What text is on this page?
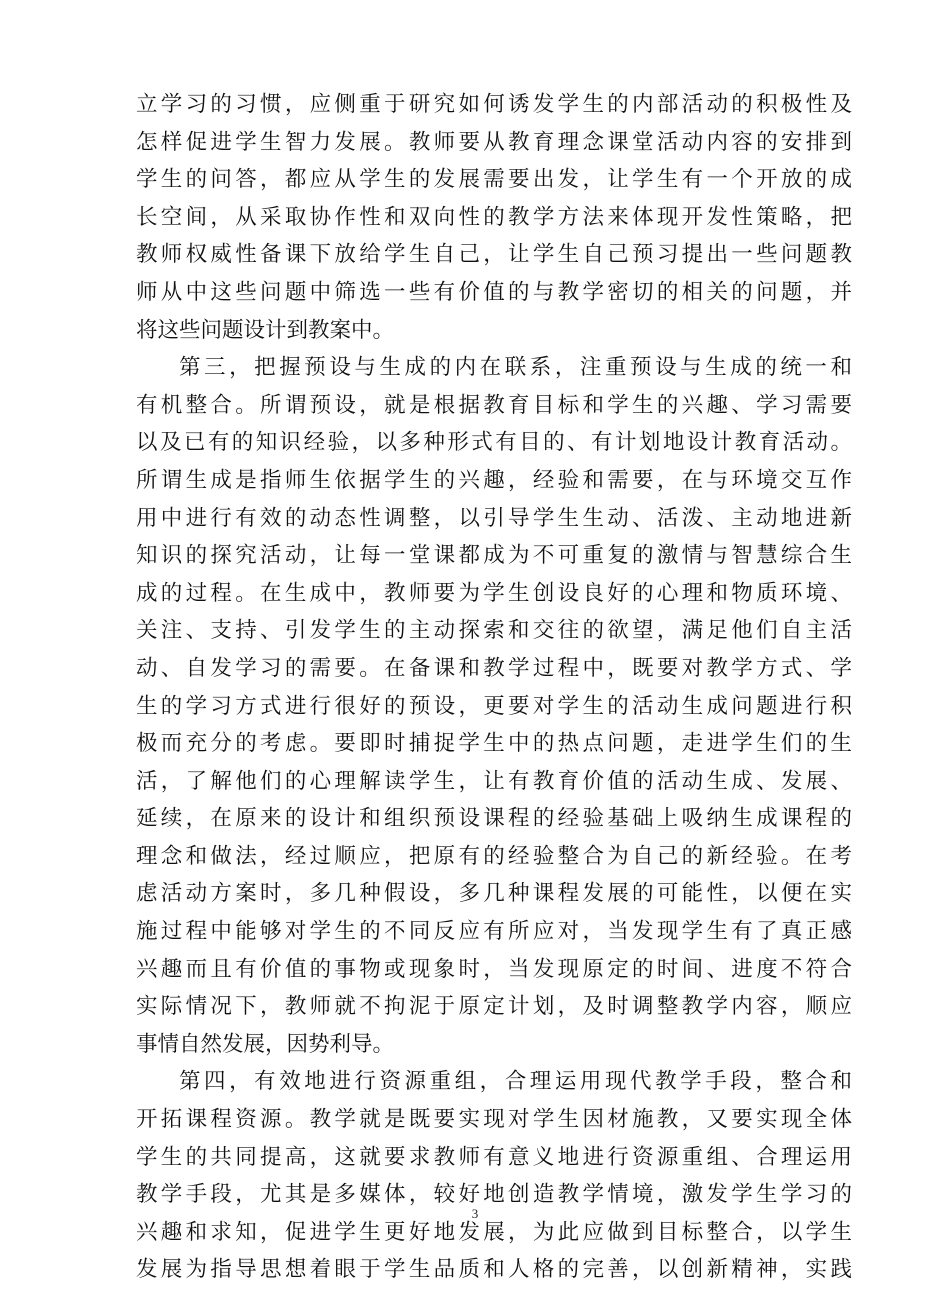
立学习的习惯，应侧重于研究如何诱发学生的内部活动的积极性及
怎样促进学生智力发展。教师要从教育理念课堂活动内容的安排到
学生的问答，都应从学生的发展需要出发，让学生有一个开放的成
长空间，从采取协作性和双向性的教学方法来体现开发性策略，把
教师权威性备课下放给学生自己，让学生自己预习提出一些问题教
师从中这些问题中筛选一些有价值的与教学密切的相关的问题，并
将这些问题设计到教案中。
第三，把握预设与生成的内在联系，注重预设与生成的统一和
有机整合。所谓预设，就是根据教育目标和学生的兴趣、学习需要
以及已有的知识经验，以多种形式有目的、有计划地设计教育活动。
所谓生成是指师生依据学生的兴趣，经验和需要，在与环境交互作
用中进行有效的动态性调整，以引导学生生动、活泼、主动地进新
知识的探究活动，让每一堂课都成为不可重复的激情与智慧综合生
成的过程。在生成中，教师要为学生创设良好的心理和物质环境、
关注、支持、引发学生的主动探索和交往的欲望，满足他们自主活
动、自发学习的需要。在备课和教学过程中，既要对教学方式、学
生的学习方式进行很好的预设，更要对学生的活动生成问题进行积
极而充分的考虑。要即时捕捉学生中的热点问题，走进学生们的生
活，了解他们的心理解读学生，让有教育价值的活动生成、发展、
延续，在原来的设计和组织预设课程的经验基础上吸纳生成课程的
理念和做法，经过顺应，把原有的经验整合为自己的新经验。在考
虑活动方案时，多几种假设，多几种课程发展的可能性，以便在实
施过程中能够对学生的不同反应有所应对，当发现学生有了真正感
兴趣而且有价值的事物或现象时，当发现原定的时间、进度不符合
实际情况下，教师就不拘泥于原定计划，及时调整教学内容，顺应
事情自然发展，因势利导。
第四，有效地进行资源重组，合理运用现代教学手段，整合和
开拓课程资源。教学就是既要实现对学生因材施教，又要实现全体
学生的共同提高，这就要求教师有意义地进行资源重组、合理运用
教学手段，尤其是多媒体，较好地创造教学情境，激发学生学习的
兴趣和求知，促进学生更好地发展，为此应做到目标整合，以学生
发展为指导思想着眼于学生品质和人格的完善，以创新精神，实践
3
